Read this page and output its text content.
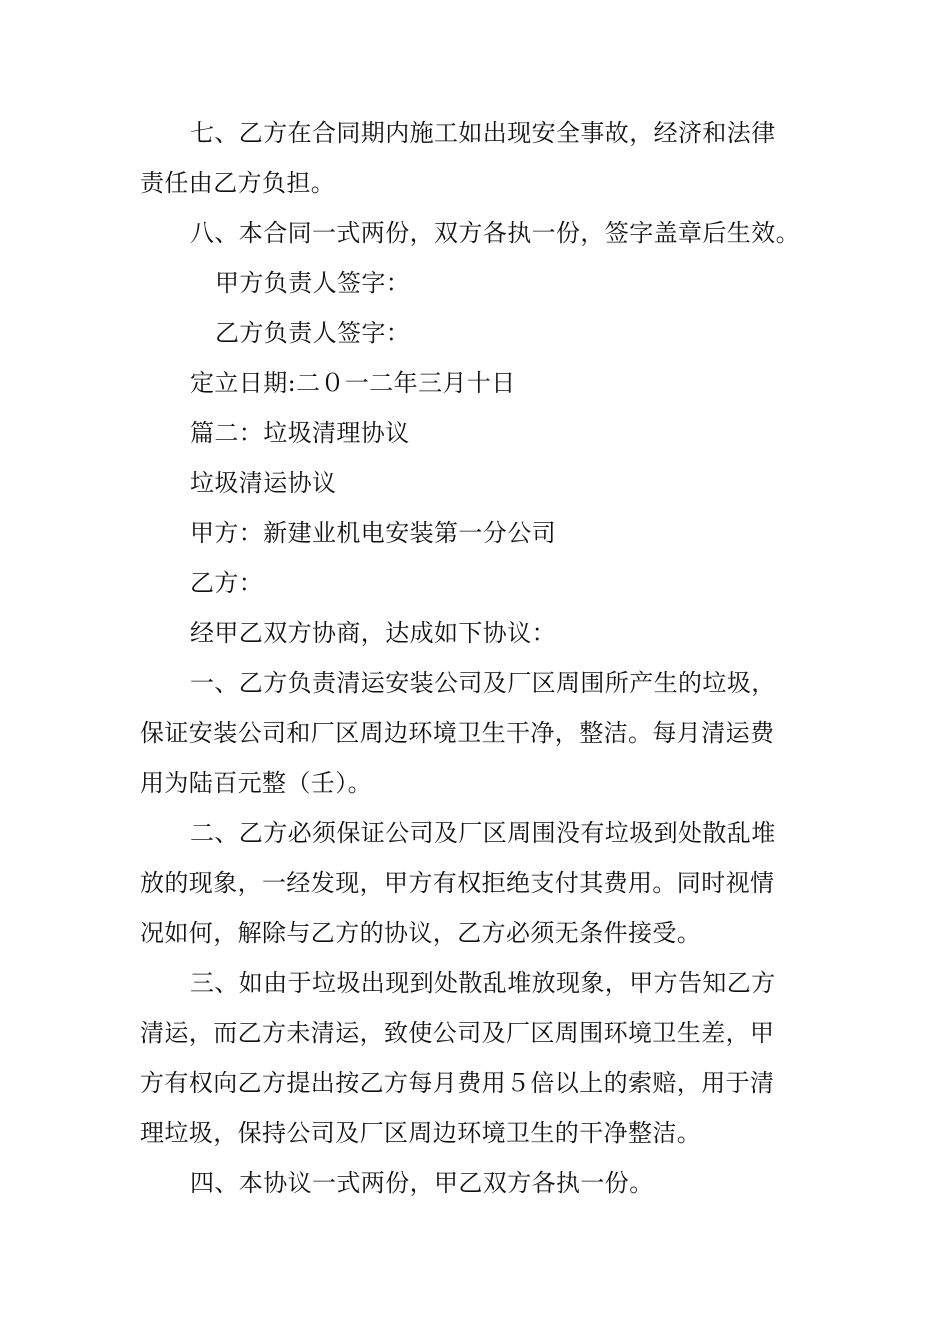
七、乙方在合同期内施工如出现安全事故，经济和法律
责任由乙方负担。
八、本合同一式两份，双方各执一份，签字盖章后生效。
甲方负责人签字：
乙方负责人签字：
定立日期:二０一二年三月十日
篇二：垃圾清理协议
垃圾清运协议
甲方：新建业机电安装第一分公司
乙方：
经甲乙双方协商，达成如下协议：
一、乙方负责清运安装公司及厂区周围所产生的垃圾，
保证安装公司和厂区周边环境卫生干净，整洁。每月清运费
用为陆百元整（壬）。
二、乙方必须保证公司及厂区周围没有垃圾到处散乱堆
放的现象，一经发现，甲方有权拒绝支付其费用。同时视情
况如何，解除与乙方的协议，乙方必须无条件接受。
三、如由于垃圾出现到处散乱堆放现象，甲方告知乙方
清运，而乙方未清运，致使公司及厂区周围环境卫生差，甲
方有权向乙方提出按乙方每月费用５倍以上的索赔，用于清
理垃圾，保持公司及厂区周边环境卫生的干净整洁。
四、本协议一式两份，甲乙双方各执一份。
